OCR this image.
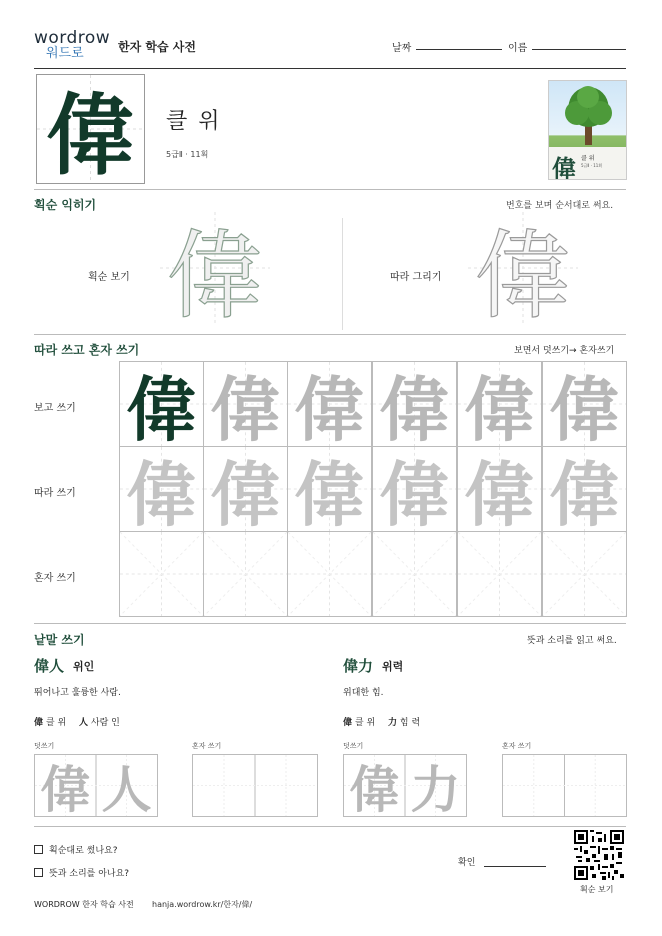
wordrow
워드로	한자 학습 사전	날짜	이름
偉	클 위
5급Ⅱ · 11획	偉 클 위
5급Ⅱ · 11획
획순 익히기	번호를 보며 순서대로 써요.
획순 보기 偉	따라 그리기 偉
따라 쓰고 혼자 쓰기	보면서 덧쓰기→ 혼자쓰기
보고 쓰기
따라 쓰기
혼자 쓰기
偉 偉 偉 偉 偉 偉
偉 偉 偉 偉 偉 偉
낱말 쓰기	뜻과 소리를 읽고 써요.
偉人 위인
뛰어나고 훌륭한 사람.
偉 클 위 人 사람 인
덧쓰기	혼자 쓰기
偉 人
偉力 위력
위대한 힘.
偉 클 위 力 힘 력
덧쓰기	혼자 쓰기
偉 力
획순대로 썼나요?
뜻과 소리를 아나요?
확인
획순 보기
WORDROW 한자 학습 사전 hanja.wordrow.kr/한자/偉/
